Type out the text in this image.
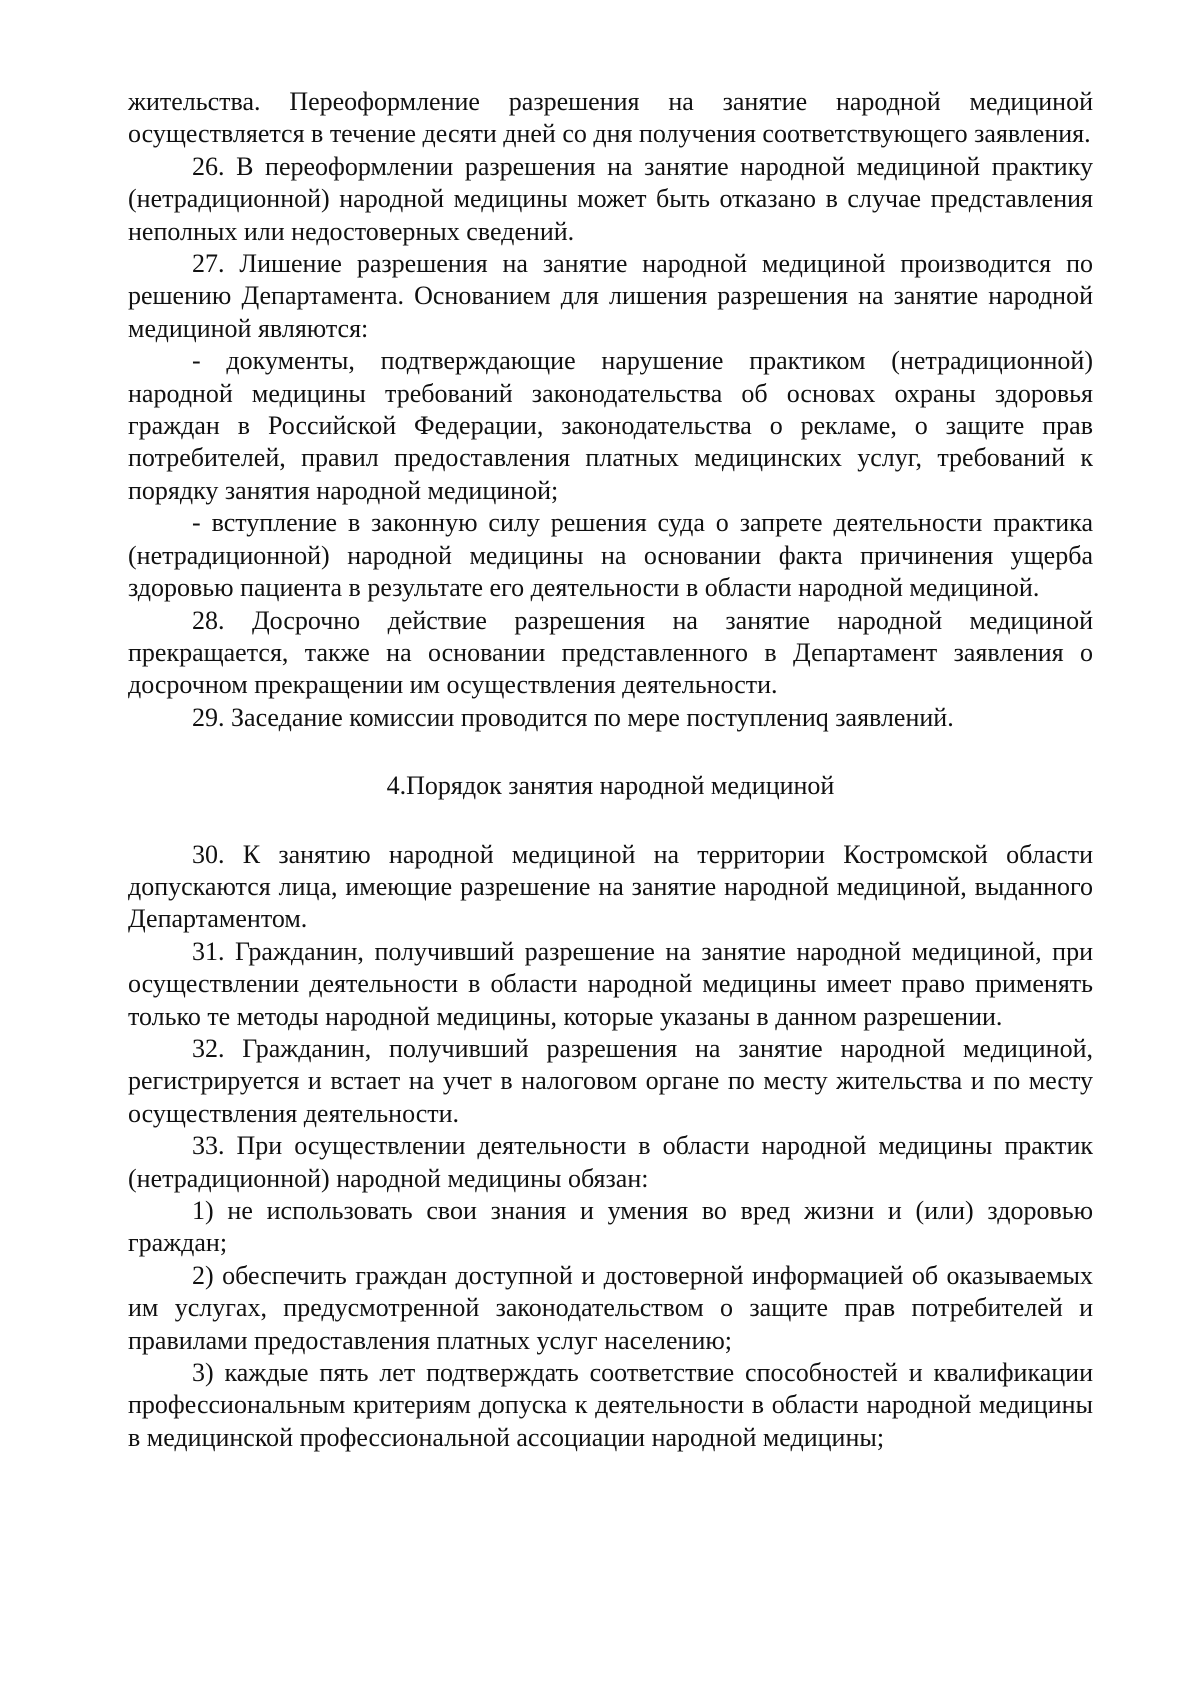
жительства. Переоформление разрешения на занятие народной медициной осуществляется в течение десяти дней со дня получения соответствующего заявления.

26. В переоформлении разрешения на занятие народной медициной практику (нетрадиционной) народной медицины может быть отказано в случае представления неполных или недостоверных сведений.

27. Лишение разрешения на занятие народной медициной производится по решению Департамента. Основанием для лишения разрешения на занятие народной медициной являются:

- документы, подтверждающие нарушение практиком (нетрадиционной) народной медицины требований законодательства об основах охраны здоровья граждан в Российской Федерации, законодательства о рекламе, о защите прав потребителей, правил предоставления платных медицинских услуг, требований к порядку занятия народной медициной;

- вступление в законную силу решения суда о запрете деятельности практика (нетрадиционной) народной медицины на основании факта причинения ущерба здоровью пациента в результате его деятельности в области народной медициной.

28. Досрочно действие разрешения на занятие народной медициной прекращается, также на основании представленного в Департамент заявления о досрочном прекращении им осуществления деятельности.

29. Заседание комиссии проводится по мере поступлениq заявлений.

4.Порядок занятия народной медициной

30. К занятию народной медициной на территории Костромской области допускаются лица, имеющие разрешение на занятие народной медициной, выданного Департаментом.

31. Гражданин, получивший разрешение на занятие народной медициной, при осуществлении деятельности в области народной медицины имеет право применять только те методы народной медицины, которые указаны в данном разрешении.

32. Гражданин, получивший разрешения на занятие народной медициной, регистрируется и встает на учет в налоговом органе по месту жительства и по месту осуществления деятельности.

33. При осуществлении деятельности в области народной медицины практик (нетрадиционной) народной медицины обязан:

1) не использовать свои знания и умения во вред жизни и (или) здоровью граждан;

2) обеспечить граждан доступной и достоверной информацией об оказываемых им услугах, предусмотренной законодательством о защите прав потребителей и правилами предоставления платных услуг населению;

3) каждые пять лет подтверждать соответствие способностей и квалификации профессиональным критериям допуска к деятельности в области народной медицины в медицинской профессиональной ассоциации народной медицины;
